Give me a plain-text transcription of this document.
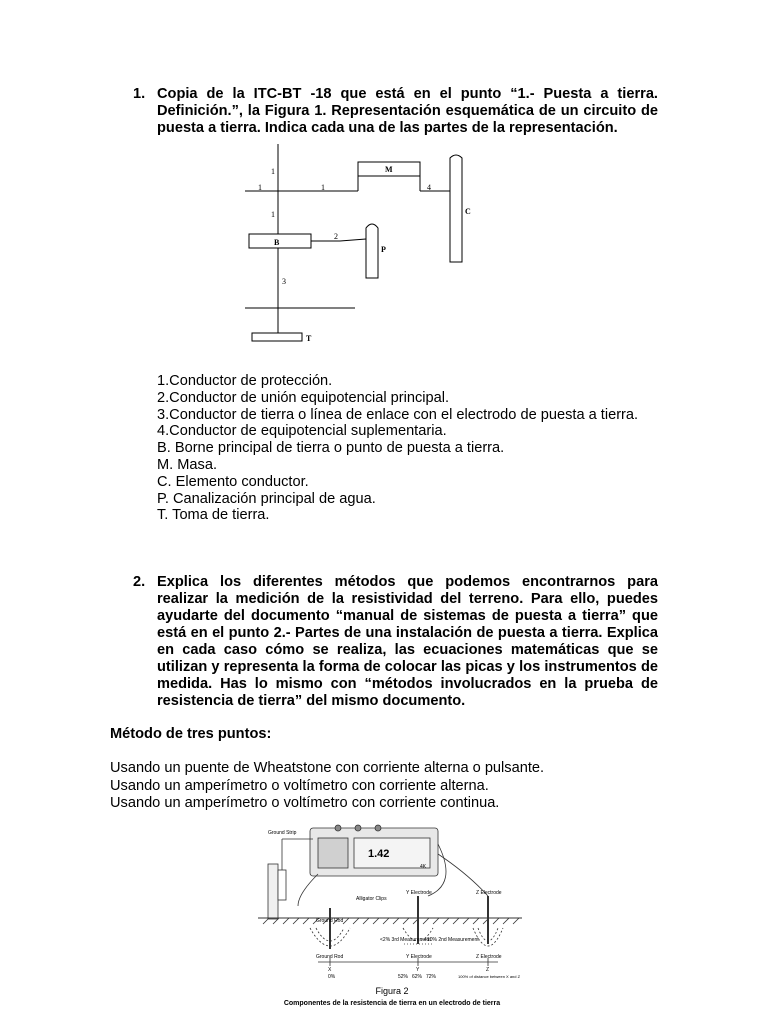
1. Copia de la ITC-BT -18 que está en el punto “1.- Puesta a tierra. Definición.”, la Figura 1. Representación esquemática de un circuito de puesta a tierra. Indica cada una de las partes de la representación.
1
1	1
1
4
2
3
M
B
C
P
T
1.Conductor de protección.
2.Conductor de unión equipotencial principal.
3.Conductor de tierra o línea de enlace con el electrodo de puesta a tierra.
4.Conductor de equipotencial suplementaria.
B. Borne principal de tierra o punto de puesta a tierra.
M. Masa.
C. Elemento conductor.
P. Canalización principal de agua.
T. Toma de tierra.
2. Explica los diferentes métodos que podemos encontrarnos para realizar la medición de la resistividad del terreno. Para ello, puedes ayudarte del documento “manual de sistemas de puesta a tierra” que está en el punto 2.- Partes de una instalación de puesta a tierra. Explica en cada caso cómo se realiza, las ecuaciones matemáticas que se utilizan y representa la forma de colocar las picas y los instrumentos de medida. Has lo mismo con “métodos involucrados en la prueba de resistencia de tierra” del mismo documento.
Método de tres puntos:
Usando un puente de Wheatstone con corriente alterna o pulsante.
Usando un amperímetro o voltímetro con corriente alterna.
Usando un amperímetro o voltímetro con corriente continua.
Ground Strip
1.42
4K
Alligator Clips
Ground Rod
Y Electrode	Z Electrode
<2% 3rd Measurement
+10% 2nd Measurement
Ground Rod
X
0%
Y Electrode
Y
52% 62% 72%
Z Electrode
Z
100% of distance between X and Z
Figura 2
Componentes de la resistencia de tierra en un electrodo de tierra
